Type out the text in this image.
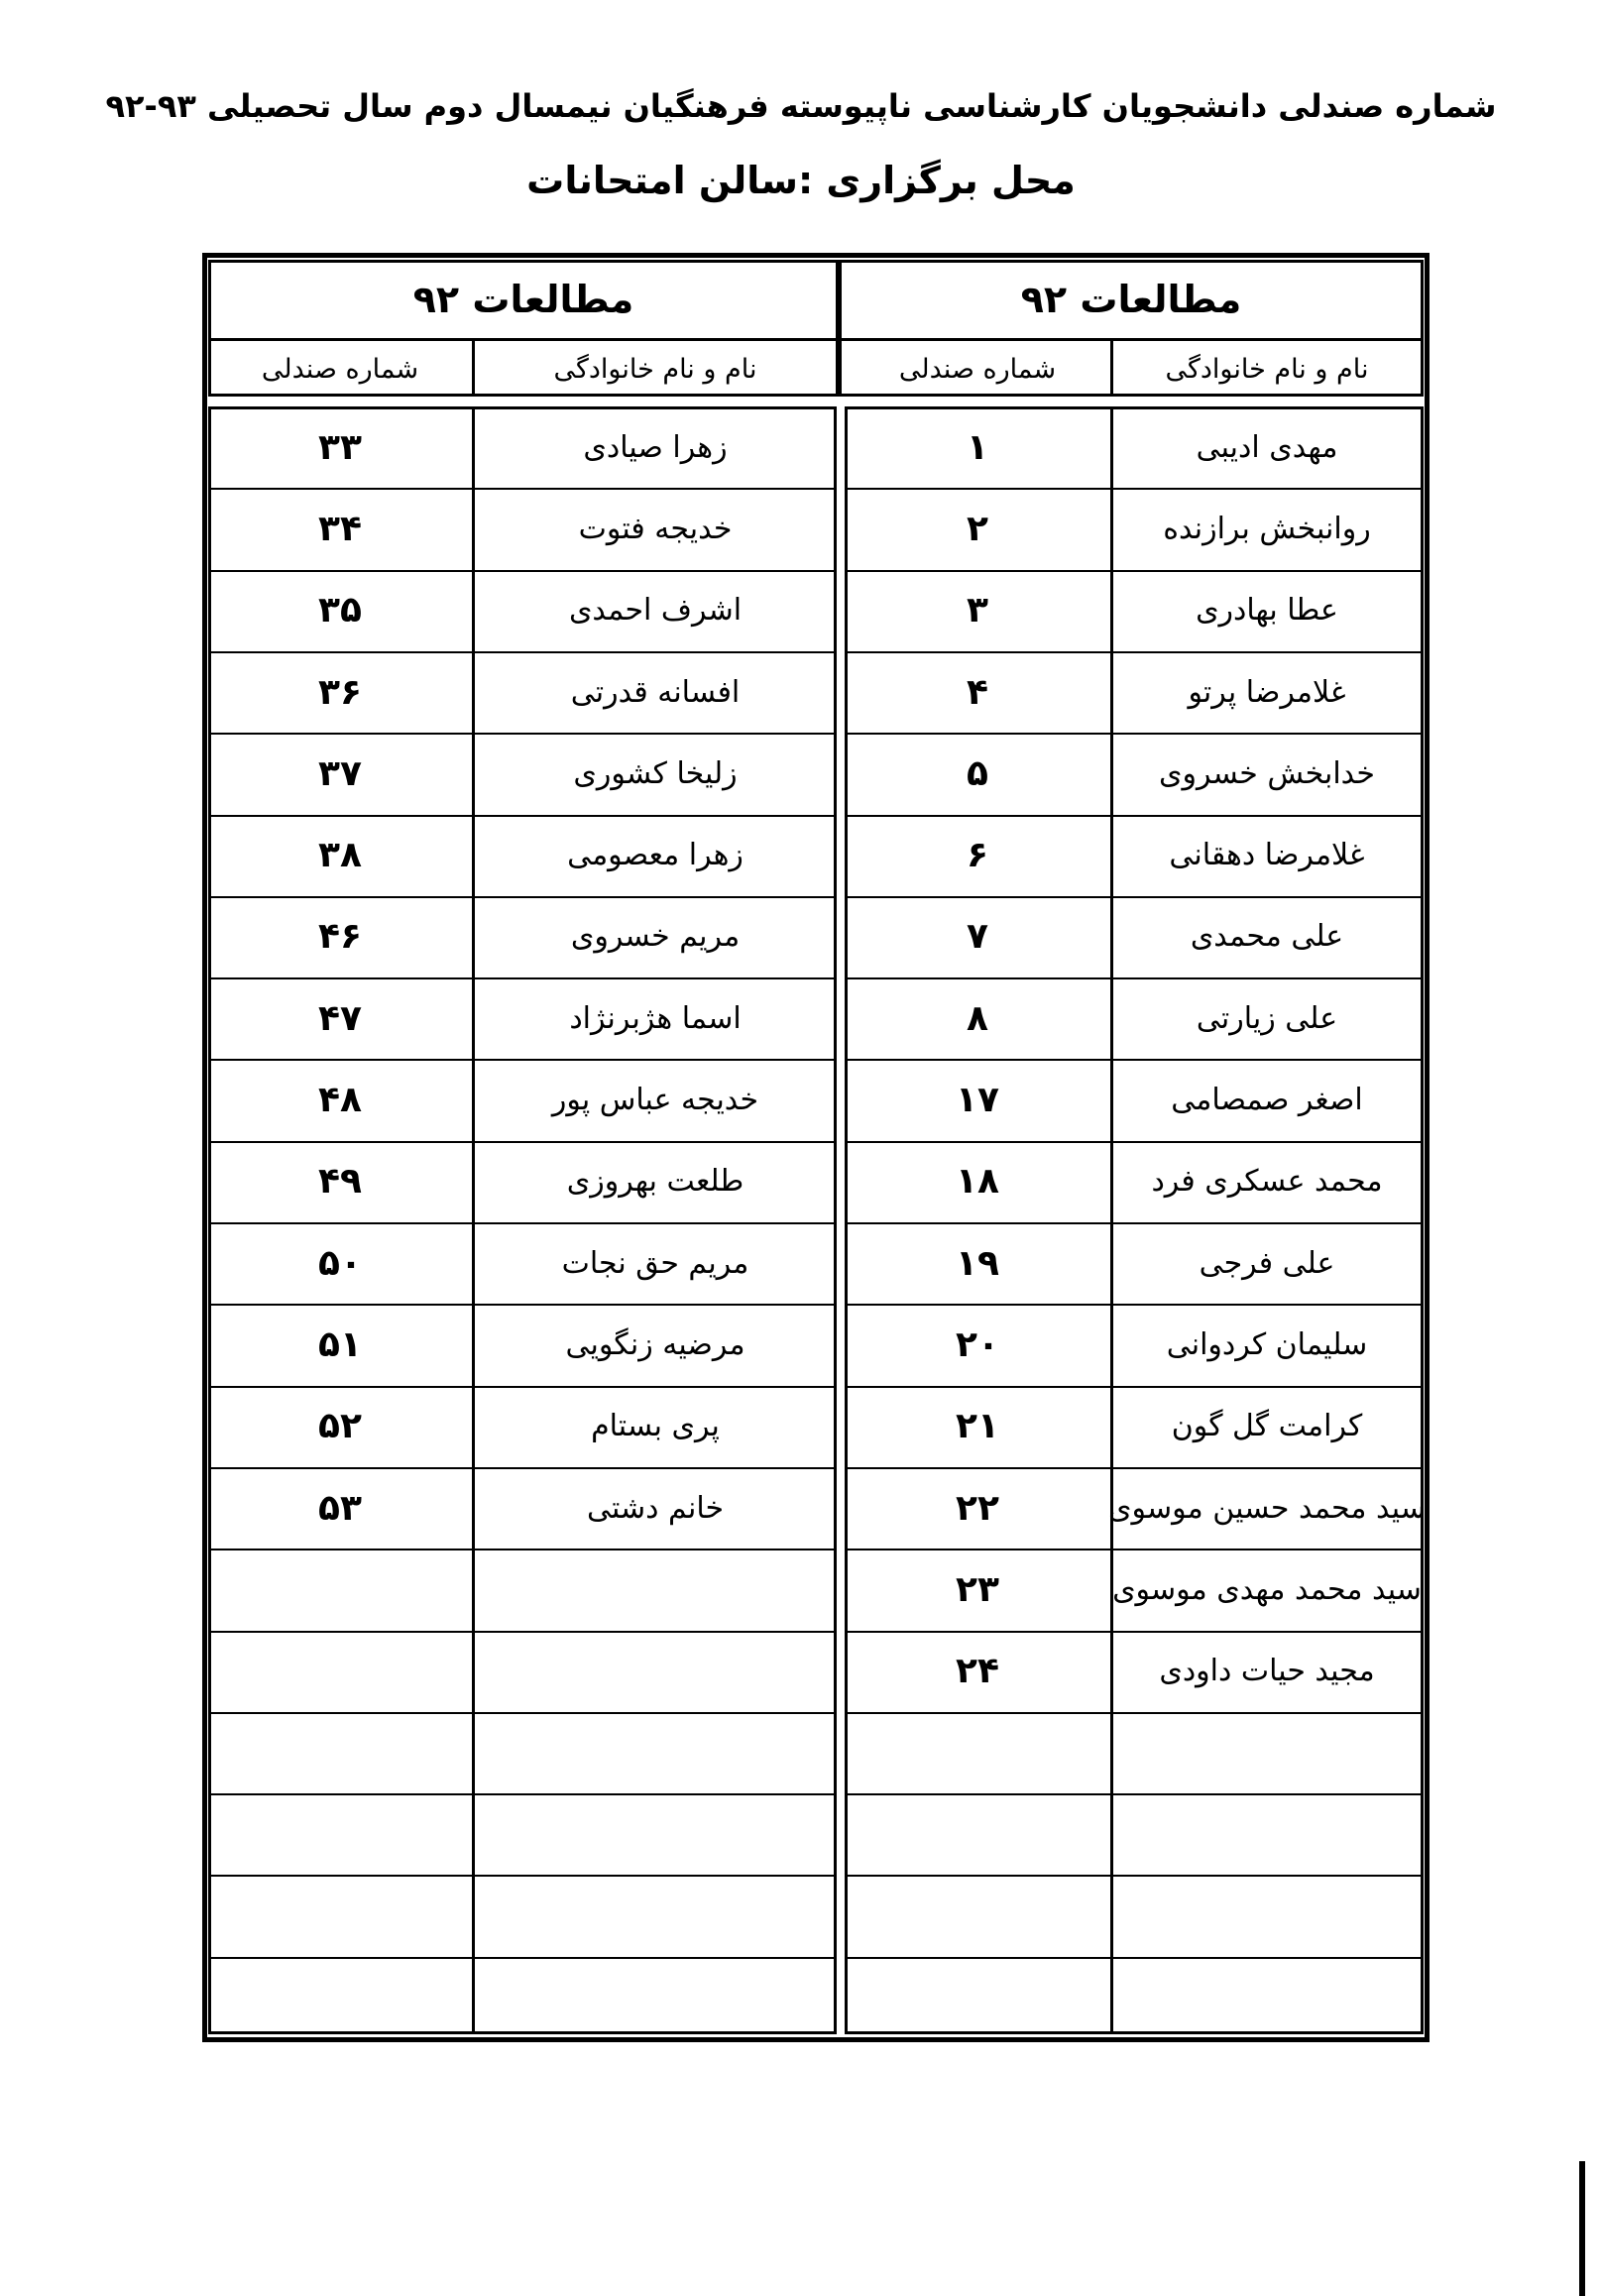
شماره صندلی دانشجویان کارشناسی ناپیوسته فرهنگیان نیمسال دوم سال تحصیلی ۹۳-۹۲
محل برگزاری :سالن امتحانات
مطالعات ۹۲
نام و نام خانوادگی
شماره صندلی
مهدی ادیبی
۱
روانبخش برازنده
۲
عطا بهادری
۳
غلامرضا پرتو
۴
خدابخش خسروی
۵
غلامرضا دهقانی
۶
علی محمدی
۷
علی زیارتی
۸
اصغر صمصامی
۱۷
محمد عسکری فرد
۱۸
علی فرجی
۱۹
سلیمان کردوانی
۲۰
کرامت گل گون
۲۱
سید محمد حسین موسوی
۲۲
سید محمد مهدی موسوی
۲۳
مجید حیات داودی
۲۴
مطالعات ۹۲
نام و نام خانوادگی
شماره صندلی
زهرا صیادی
۳۳
خدیجه فتوت
۳۴
اشرف احمدی
۳۵
افسانه قدرتی
۳۶
زلیخا کشوری
۳۷
زهرا معصومی
۳۸
مریم خسروی
۴۶
اسما هژبرنژاد
۴۷
خدیجه عباس پور
۴۸
طلعت بهروزی
۴۹
مریم حق نجات
۵۰
مرضیه زنگویی
۵۱
پری بستام
۵۲
خانم دشتی
۵۳
